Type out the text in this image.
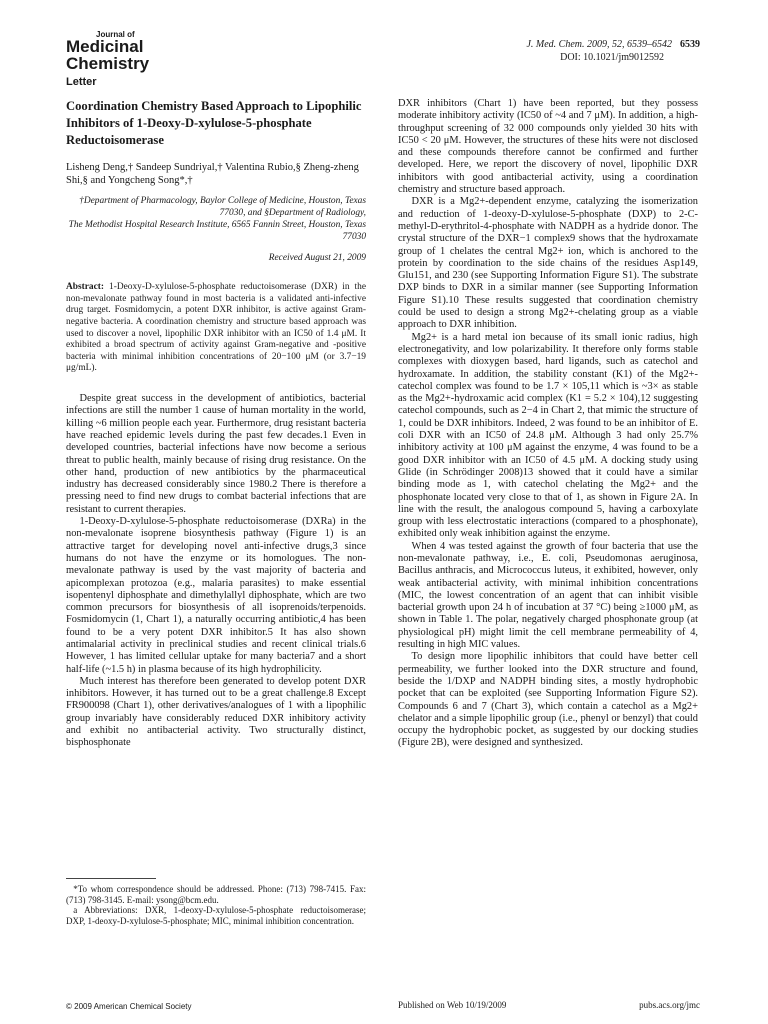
Journal of
Medicinal
Chemistry
Letter
J. Med. Chem. 2009, 52, 6539–6542 6539
DOI: 10.1021/jm9012592
Coordination Chemistry Based Approach to Lipophilic Inhibitors of 1-Deoxy-D-xylulose-5-phosphate Reductoisomerase
Lisheng Deng,† Sandeep Sundriyal,† Valentina Rubio,§ Zheng-zheng Shi,§ and Yongcheng Song*,†
†Department of Pharmacology, Baylor College of Medicine, Houston, Texas 77030, and §Department of Radiology,
The Methodist Hospital Research Institute, 6565 Fannin Street, Houston, Texas 77030
Received August 21, 2009
Abstract: 1-Deoxy-D-xylulose-5-phosphate reductoisomerase (DXR) in the non-mevalonate pathway found in most bacteria is a validated anti-infective drug target. Fosmidomycin, a potent DXR inhibitor, is active against Gram-negative bacteria. A coordination chemistry and structure based approach was used to discover a novel, lipophilic DXR inhibitor with an IC50 of 1.4 μM. It exhibited a broad spectrum of activity against Gram-negative and -positive bacteria with minimal inhibition concentrations of 20−100 μM (or 3.7−19 μg/mL).

Despite great success in the development of antibiotics, bacterial infections are still the number 1 cause of human mortality in the world, killing ~6 million people each year. Furthermore, drug resistant bacteria have reached epidemic levels during the past few decades.1 Even in developed countries, bacterial infections have now become a serious threat to public health, mainly because of rising drug resistance. On the other hand, production of new antibiotics by the pharmaceutical industry has decreased considerably since 1980.2 There is therefore a pressing need to find new drugs to combat bacterial infections that are resistant to current therapies.

1-Deoxy-D-xylulose-5-phosphate reductoisomerase (DXRa) in the non-mevalonate isoprene biosynthesis pathway (Figure 1) is an attractive target for developing novel anti-infective drugs,3 since humans do not have the enzyme or its homologues. The non-mevalonate pathway is used by the vast majority of bacteria and apicomplexan protozoa (e.g., malaria parasites) to make essential isopentenyl diphosphate and dimethylallyl diphosphate, which are two common precursors for biosynthesis of all isoprenoids/terpenoids. Fosmidomycin (1, Chart 1), a naturally occurring antibiotic,4 has been found to be a very potent DXR inhibitor.5 It has also shown antimalarial activity in preclinical studies and recent clinical trials.6 However, 1 has limited cellular uptake for many bacteria7 and a short half-life (~1.5 h) in plasma because of its high hydrophilicity.

Much interest has therefore been generated to develop potent DXR inhibitors. However, it has turned out to be a great challenge.8 Except FR900098 (Chart 1), other derivatives/analogues of 1 with a lipophilic group invariably have considerably reduced DXR inhibitory activity and exhibit no antibacterial activity. Two structurally distinct, bisphosphonate

*To whom correspondence should be addressed. Phone: (713) 798-7415. Fax: (713) 798-3145. E-mail: ysong@bcm.edu.

a Abbreviations: DXR, 1-deoxy-D-xylulose-5-phosphate reductoisomerase; DXP, 1-deoxy-D-xylulose-5-phosphate; MIC, minimal inhibition concentration.

DXR inhibitors (Chart 1) have been reported, but they possess moderate inhibitory activity (IC50 of ~4 and 7 μM). In addition, a high-throughput screening of 32 000 compounds only yielded 30 hits with IC50 < 20 μM. However, the structures of these hits were not disclosed and these compounds therefore cannot be confirmed and further developed. Here, we report the discovery of novel, lipophilic DXR inhibitors with good antibacterial activity, using a coordination chemistry and structure based approach.

DXR is a Mg2+-dependent enzyme, catalyzing the isomerization and reduction of 1-deoxy-D-xylulose-5-phosphate (DXP) to 2-C-methyl-D-erythritol-4-phosphate with NADPH as a hydride donor. The crystal structure of the DXR−1 complex9 shows that the hydroxamate group of 1 chelates the central Mg2+ ion, which is anchored to the protein by coordination to the side chains of the residues Asp149, Glu151, and 230 (see Supporting Information Figure S1). The substrate DXP binds to DXR in a similar manner (see Supporting Information Figure S1).10 These results suggested that coordination chemistry could be used to design a strong Mg2+-chelating group as a viable approach to DXR inhibition.

Mg2+ is a hard metal ion because of its small ionic radius, high electronegativity, and low polarizability. It therefore only forms stable complexes with dioxygen based, hard ligands, such as catechol and hydroxamate. In addition, the stability constant (K1) of the Mg2+-catechol complex was found to be 1.7 × 105,11 which is ~3× as stable as the Mg2+-hydroxamic acid complex (K1 = 5.2 × 104),12 suggesting catechol compounds, such as 2−4 in Chart 2, that mimic the structure of 1, could be DXR inhibitors. Indeed, 2 was found to be an inhibitor of E. coli DXR with an IC50 of 24.8 μM. Although 3 had only 25.7% inhibitory activity at 100 μM against the enzyme, 4 was found to be a good DXR inhibitor with an IC50 of 4.5 μM. A docking study using Glide (in Schrödinger 2008)13 showed that it could have a similar binding mode as 1, with catechol chelating the Mg2+ and the phosphonate located very close to that of 1, as shown in Figure 2A. In line with the result, the analogous compound 5, having a carboxylate group with less electrostatic interactions (compared to a phosphonate), exhibited only weak inhibition against the enzyme.

When 4 was tested against the growth of four bacteria that use the non-mevalonate pathway, i.e., E. coli, Pseudomonas aeruginosa, Bacillus anthracis, and Micrococcus luteus, it exhibited, however, only weak antibacterial activity, with minimal inhibition concentrations (MIC, the lowest concentration of an agent that can inhibit visible bacterial growth upon 24 h of incubation at 37 °C) being ≥1000 μM, as shown in Table 1. The polar, negatively charged phosphonate group (at physiological pH) might limit the cell membrane permeability of 4, resulting in high MIC values.

To design more lipophilic inhibitors that could have better cell permeability, we further looked into the DXR structure and found, beside the 1/DXP and NADPH binding sites, a mostly hydrophobic pocket that can be exploited (see Supporting Information Figure S2). Compounds 6 and 7 (Chart 3), which contain a catechol as a Mg2+ chelator and a simple lipophilic group (i.e., phenyl or benzyl) that could occupy the hydrophobic pocket, as suggested by our docking studies (Figure 2B), were designed and synthesized.

© 2009 American Chemical Society	Published on Web 10/19/2009	pubs.acs.org/jmc
